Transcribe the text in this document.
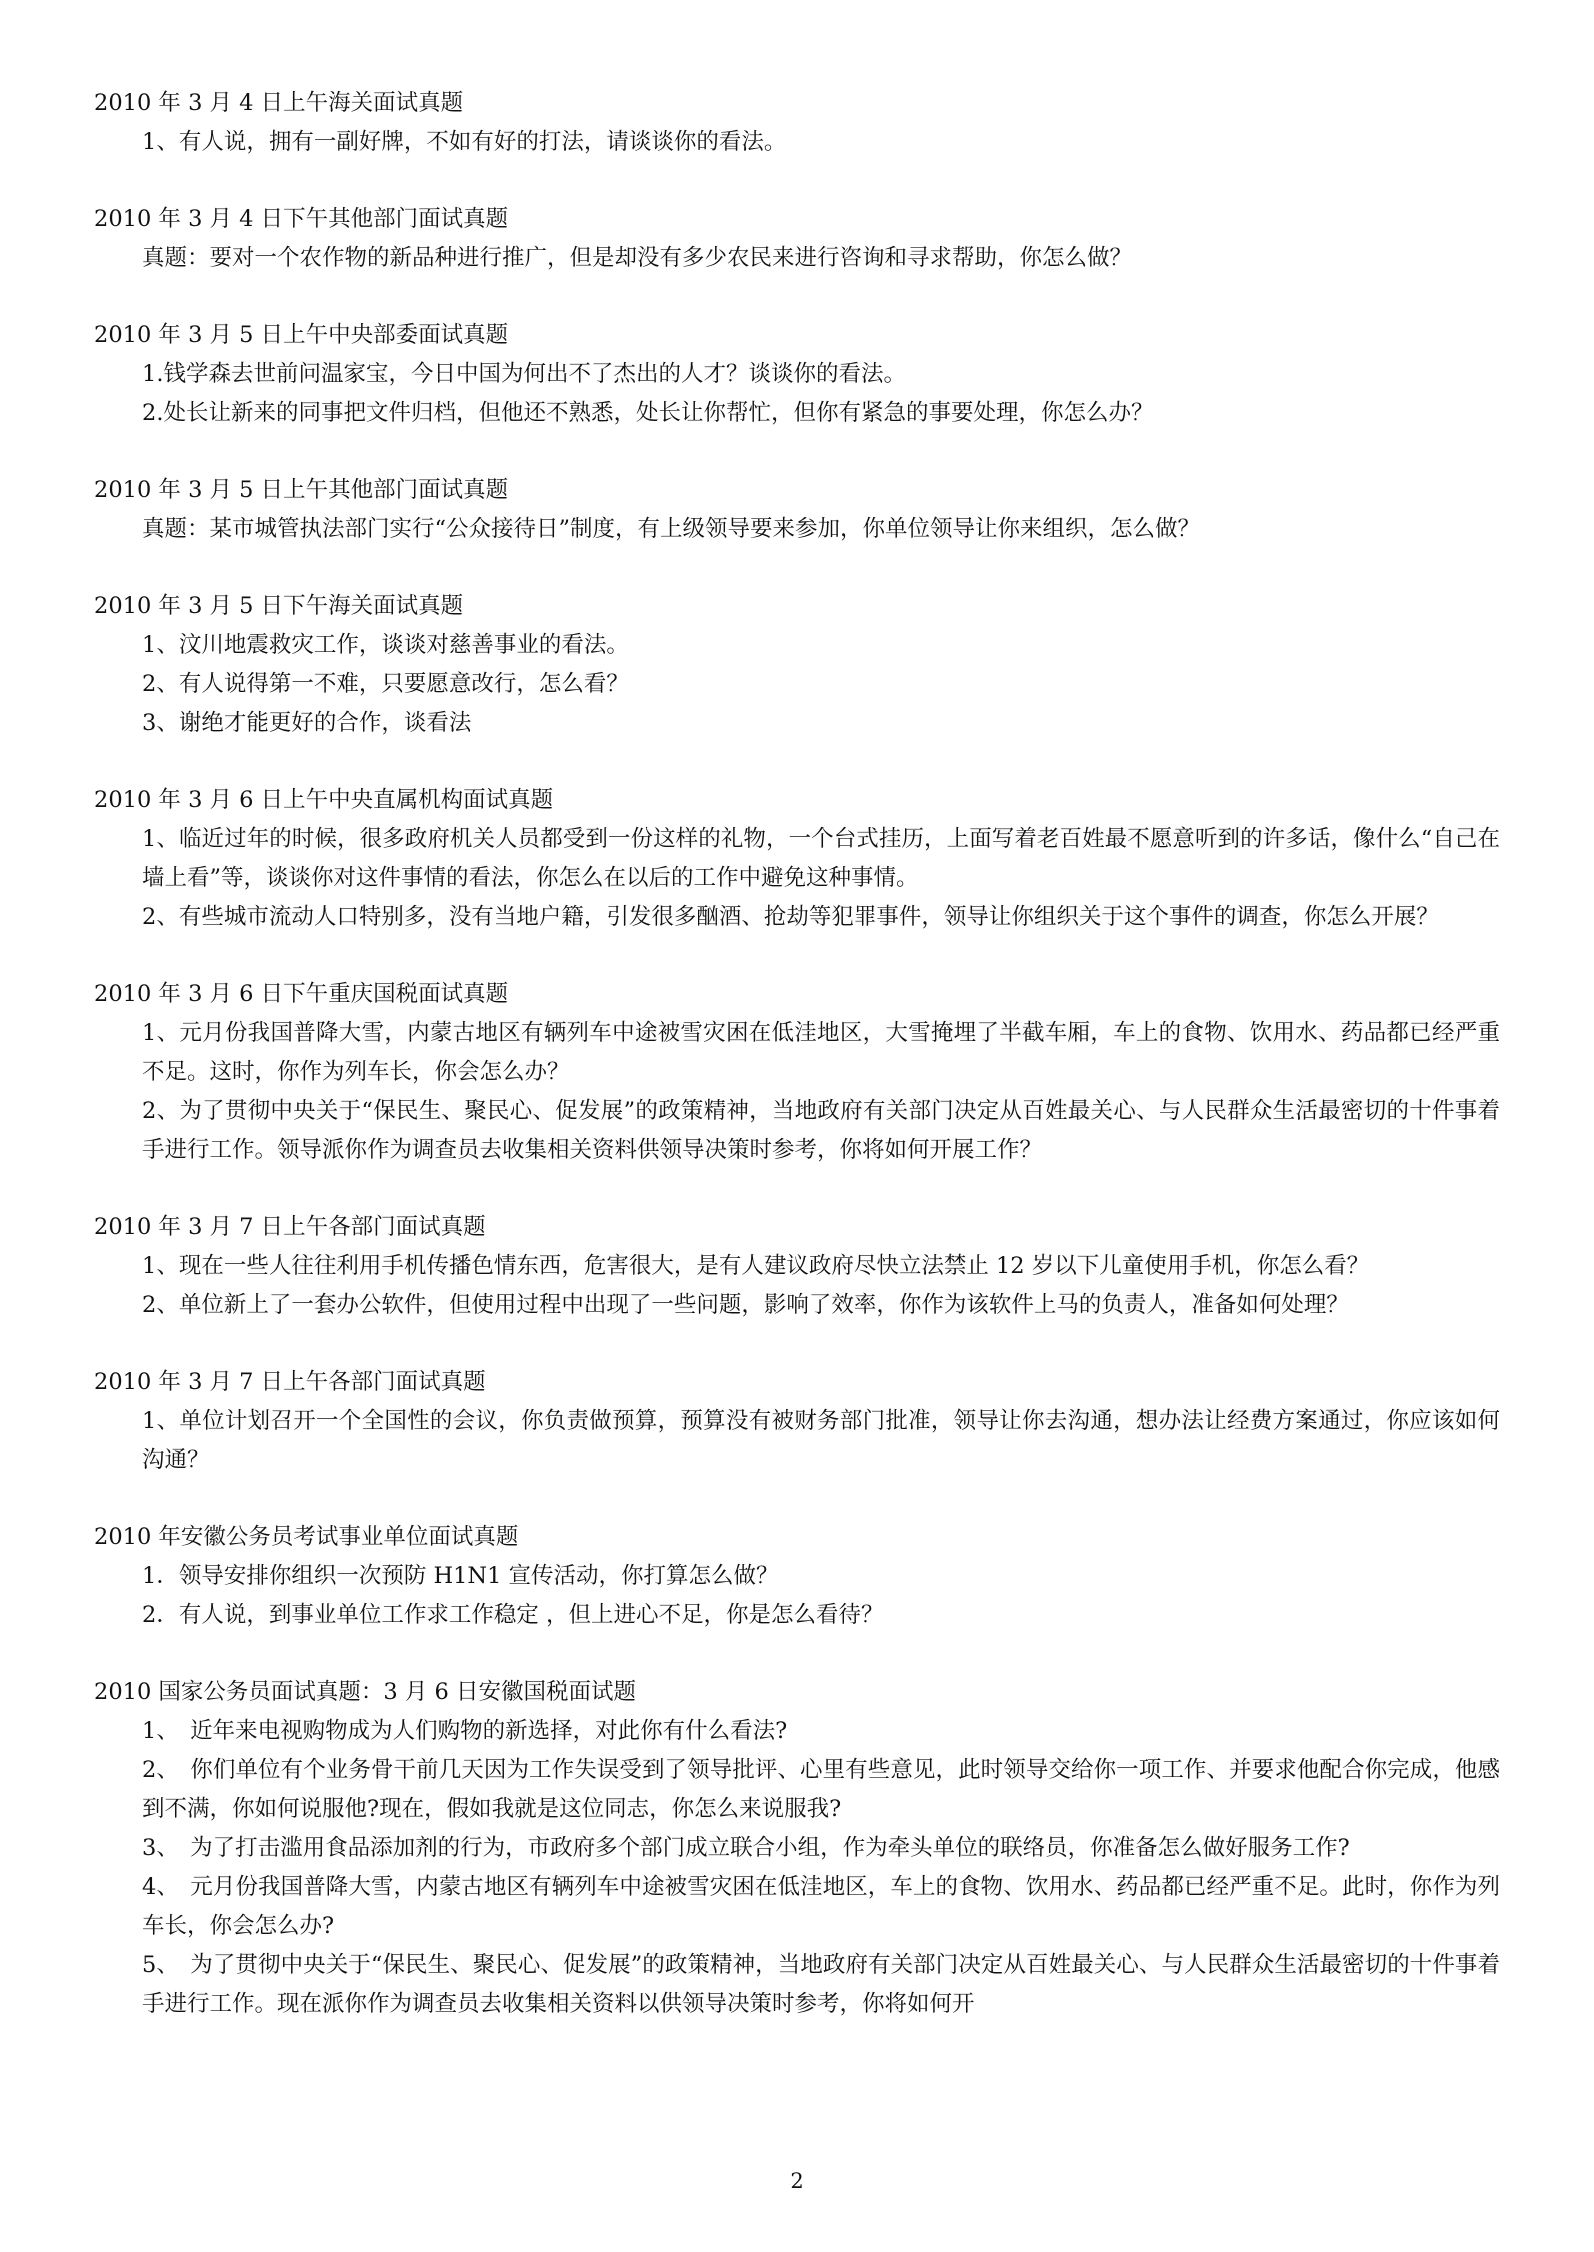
2010 年 3 月 4 日上午海关面试真题
1、有人说，拥有一副好牌，不如有好的打法，请谈谈你的看法。
2010 年 3 月 4 日下午其他部门面试真题
真题：要对一个农作物的新品种进行推广，但是却没有多少农民来进行咨询和寻求帮助，你怎么做？
2010 年 3 月 5 日上午中央部委面试真题
1.钱学森去世前问温家宝，今日中国为何出不了杰出的人才？谈谈你的看法。
2.处长让新来的同事把文件归档，但他还不熟悉，处长让你帮忙，但你有紧急的事要处理，你怎么办？
2010 年 3 月 5 日上午其他部门面试真题
真题：某市城管执法部门实行“公众接待日”制度，有上级领导要来参加，你单位领导让你来组织，怎么做？
2010 年 3 月 5 日下午海关面试真题
1、汶川地震救灾工作，谈谈对慈善事业的看法。
2、有人说得第一不难，只要愿意改行，怎么看？
3、谢绝才能更好的合作，谈看法
2010 年 3 月 6 日上午中央直属机构面试真题
1、临近过年的时候，很多政府机关人员都受到一份这样的礼物，一个台式挂历，上面写着老百姓最不愿意听到的许多话，像什么“自己在墙上看”等，谈谈你对这件事情的看法，你怎么在以后的工作中避免这种事情。
2、有些城市流动人口特别多，没有当地户籍，引发很多酗酒、抢劫等犯罪事件，领导让你组织关于这个事件的调查，你怎么开展？
2010 年 3 月 6 日下午重庆国税面试真题
1、元月份我国普降大雪，内蒙古地区有辆列车中途被雪灾困在低洼地区，大雪掩埋了半截车厢，车上的食物、饮用水、药品都已经严重不足。这时，你作为列车长，你会怎么办？
2、为了贯彻中央关于“保民生、聚民心、促发展”的政策精神，当地政府有关部门决定从百姓最关心、与人民群众生活最密切的十件事着手进行工作。领导派你作为调查员去收集相关资料供领导决策时参考，你将如何开展工作？
2010 年 3 月 7 日上午各部门面试真题
1、现在一些人往往利用手机传播色情东西，危害很大，是有人建议政府尽快立法禁止 12 岁以下儿童使用手机，你怎么看？
2、单位新上了一套办公软件，但使用过程中出现了一些问题，影响了效率，你作为该软件上马的负责人，准备如何处理？
2010 年 3 月 7 日上午各部门面试真题
1、单位计划召开一个全国性的会议，你负责做预算，预算没有被财务部门批准，领导让你去沟通，想办法让经费方案通过，你应该如何沟通？
2010 年安徽公务员考试事业单位面试真题
1．领导安排你组织一次预防 H1N1 宣传活动，你打算怎么做？
2．有人说，到事业单位工作求工作稳定 ，但上进心不足，你是怎么看待？
2010 国家公务员面试真题：3 月 6 日安徽国税面试题
1、　近年来电视购物成为人们购物的新选择，对此你有什么看法?
2、　你们单位有个业务骨干前几天因为工作失误受到了领导批评、心里有些意见，此时领导交给你一项工作、并要求他配合你完成，他感到不满，你如何说服他?现在，假如我就是这位同志，你怎么来说服我?
3、　为了打击滥用食品添加剂的行为，市政府多个部门成立联合小组，作为牵头单位的联络员，你准备怎么做好服务工作?
4、　元月份我国普降大雪，内蒙古地区有辆列车中途被雪灾困在低洼地区，车上的食物、饮用水、药品都已经严重不足。此时，你作为列车长，你会怎么办?
5、　为了贯彻中央关于“保民生、聚民心、促发展”的政策精神，当地政府有关部门决定从百姓最关心、与人民群众生活最密切的十件事着手进行工作。现在派你作为调查员去收集相关资料以供领导决策时参考，你将如何开
2
